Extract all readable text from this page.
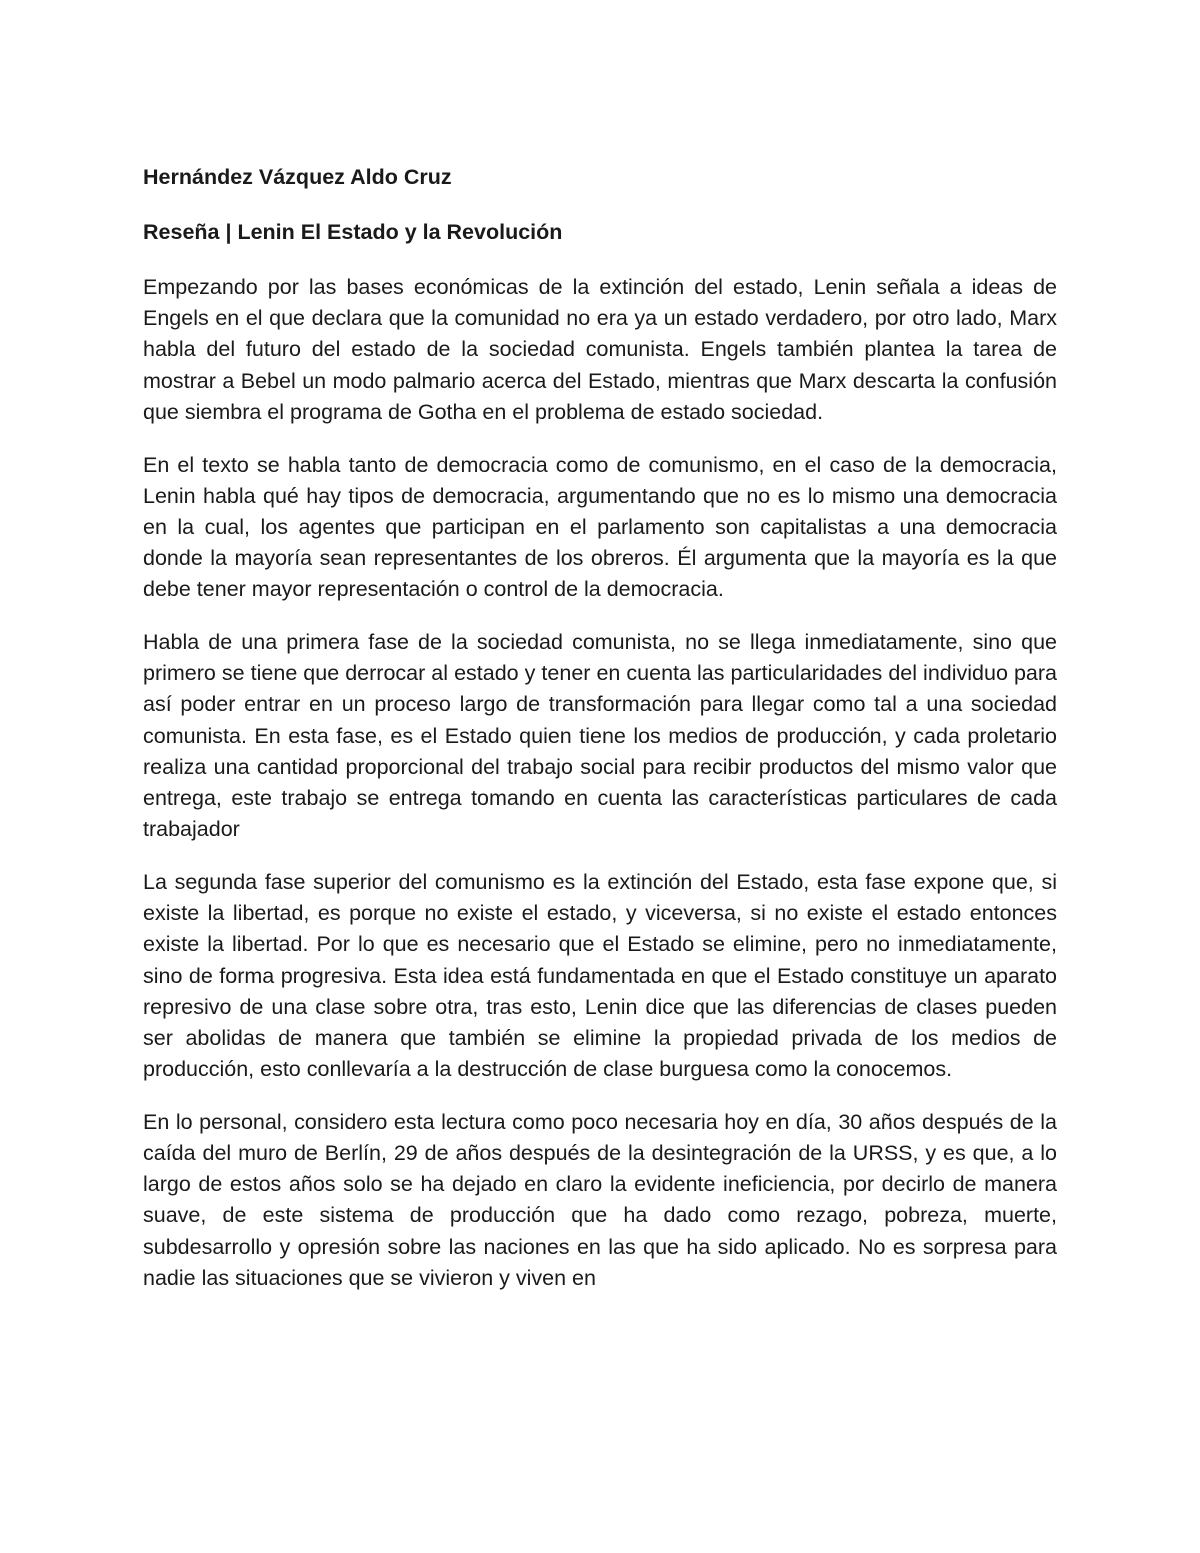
Hernández Vázquez Aldo Cruz
Reseña | Lenin El Estado y la Revolución

Empezando por las bases económicas de la extinción del estado, Lenin señala a ideas de Engels en el que declara que la comunidad no era ya un estado verdadero, por otro lado, Marx habla del futuro del estado de la sociedad comunista. Engels también plantea la tarea de mostrar a Bebel un modo palmario acerca del Estado, mientras que Marx descarta la confusión que siembra el programa de Gotha en el problema de estado sociedad.

En el texto se habla tanto de democracia como de comunismo, en el caso de la democracia, Lenin habla qué hay tipos de democracia, argumentando que no es lo mismo una democracia en la cual, los agentes que participan en el parlamento son capitalistas a una democracia donde la mayoría sean representantes de los obreros. Él argumenta que la mayoría es la que debe tener mayor representación o control de la democracia.

Habla de una primera fase de la sociedad comunista, no se llega inmediatamente, sino que primero se tiene que derrocar al estado y tener en cuenta las particularidades del individuo para así poder entrar en un proceso largo de transformación para llegar como tal a una sociedad comunista. En esta fase, es el Estado quien tiene los medios de producción, y cada proletario realiza una cantidad proporcional del trabajo social para recibir productos del mismo valor que entrega, este trabajo se entrega tomando en cuenta las características particulares de cada trabajador

La segunda fase superior del comunismo es la extinción del Estado, esta fase expone que, si existe la libertad, es porque no existe el estado, y viceversa, si no existe el estado entonces existe la libertad. Por lo que es necesario que el Estado se elimine, pero no inmediatamente, sino de forma progresiva. Esta idea está fundamentada en que el Estado constituye un aparato represivo de una clase sobre otra, tras esto, Lenin dice que las diferencias de clases pueden ser abolidas de manera que también se elimine la propiedad privada de los medios de producción, esto conllevaría a la destrucción de clase burguesa como la conocemos.

En lo personal, considero esta lectura como poco necesaria hoy en día, 30 años después de la caída del muro de Berlín, 29 de años después de la desintegración de la URSS, y es que, a lo largo de estos años solo se ha dejado en claro la evidente ineficiencia, por decirlo de manera suave, de este sistema de producción que ha dado como rezago, pobreza, muerte, subdesarrollo y opresión sobre las naciones en las que ha sido aplicado. No es sorpresa para nadie las situaciones que se vivieron y viven en
